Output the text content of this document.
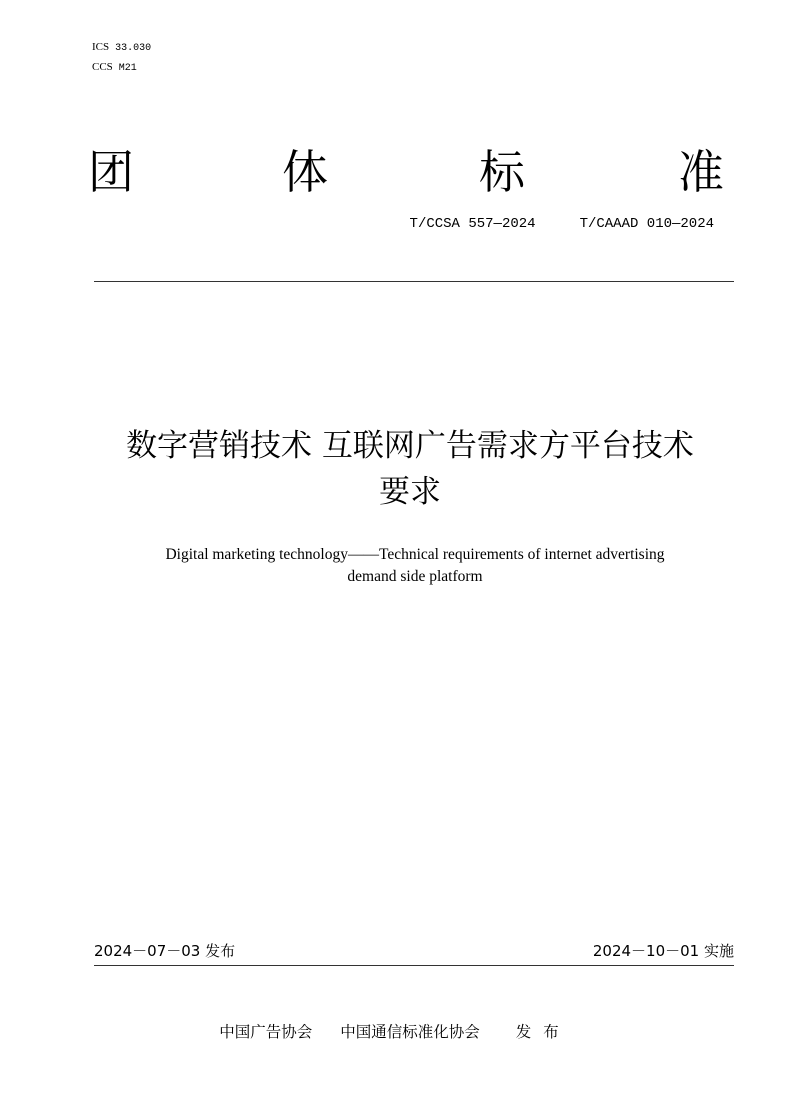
ICS 33.030
CCS M21
团	体	标	准
T/CCSA 557—2024	T/CAAAD 010—2024
数字营销技术 互联网广告需求方平台技术
要求
Digital marketing technology——Technical requirements of internet advertising
demand side platform
2024－07－03 发布	2024－10－01 实施
中国广告协会 中国通信标准化协会 发布
